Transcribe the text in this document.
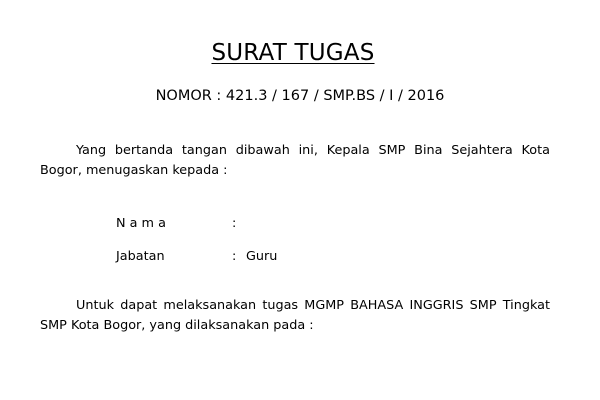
SURAT TUGAS
NOMOR : 421.3 / 167 / SMP.BS / I / 2016
Yang bertanda tangan dibawah ini, Kepala SMP Bina Sejahtera Kota Bogor, menugaskan kepada :
N a m a	:
Jabatan	: Guru
Untuk dapat melaksanakan tugas MGMP BAHASA INGGRIS SMP Tingkat SMP Kota Bogor, yang dilaksanakan pada :
